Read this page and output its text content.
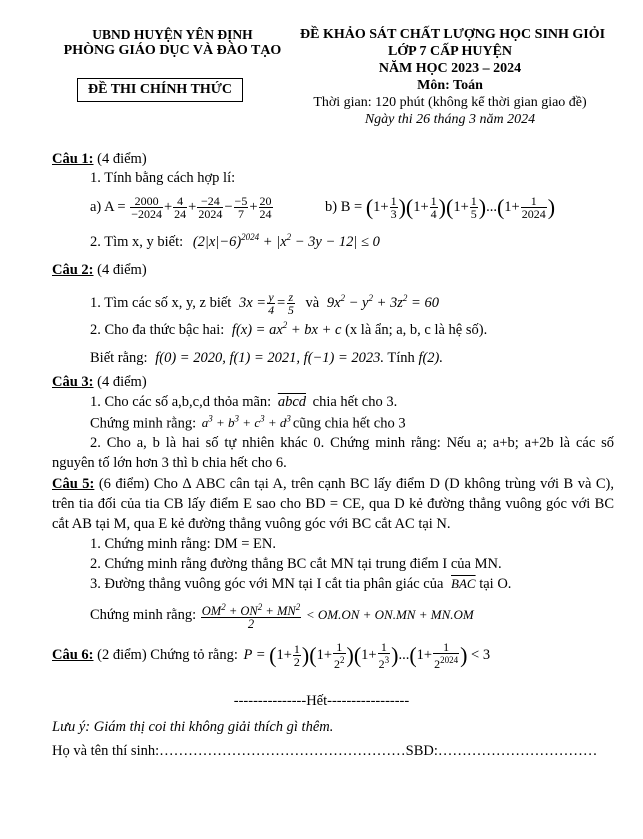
UBND HUYỆN YÊN ĐỊNH
PHÒNG GIÁO DỤC VÀ ĐÀO TẠO
ĐỀ THI CHÍNH THỨC
ĐỀ KHẢO SÁT CHẤT LƯỢNG HỌC SINH GIỎI
LỚP 7 CẤP HUYỆN
NĂM HỌC 2023 – 2024
Môn: Toán
Thời gian: 120 phút (không kể thời gian giao đề)
Ngày thi 26 tháng 3 năm 2024
Câu 1: (4 điểm)
1. Tính bằng cách hợp lí:
a) $A = \frac{2000}{-2024} + \frac{4}{24} + \frac{-24}{2024} - \frac{-5}{7} + \frac{20}{24}$	b) $B = (1+ \frac{1}{3} )(1+ \frac{1}{4} )(1+ \frac{1}{5} )...(1+ \frac{1}{2024}$ )
2. Tìm x, y biết: $(2|x|-6)^{2024} + |x^2 - 3y - 12| \le 0$
Câu 2: (4 điểm)
1. Tìm các số x, y, z biết $3x = \frac{y}{4} = \frac{z}{5}$ và $9x^2 - y^2 + 3z^2 = 60$
2. Cho đa thức bậc hai: $f(x) = ax^2$ + bx + c (x là ẩn; a, b, c là hệ số).
Biết rằng: f(0) = 2020, f(1) = 2021, f(−1) = 2023. Tính f(2).
Câu 3: (4 điểm)
1. Cho các số a,b,c,d thỏa mãn: abcd chia hết cho 3.
Chứng minh rằng: $a^3 + b^3 + c^3 + d^3$ cũng chia hết cho 3
2. Cho a, b là hai số tự nhiên khác 0. Chứng minh rằng: Nếu a; a+b; a+2b là các số nguyên tố lớn hơn 3 thì b chia hết cho 6.
Câu 5: (6 điểm) Cho Δ ABC cân tại A, trên cạnh BC lấy điểm D (D không trùng với B và C), trên tia đối của tia CB lấy điểm E sao cho BD = CE, qua D kẻ đường thẳng vuông góc với BC cắt AB tại M, qua E kẻ đường thẳng vuông góc với BC cắt AC tại N.
1. Chứng minh rằng: DM = EN.
2. Chứng minh rằng đường thẳng BC cắt MN tại trung điểm I của MN.
3. Đường thẳng vuông góc với MN tại I cắt tia phân giác của $\overline{BAC}$ tại O.
Chứng minh rằng: $\frac{OM^2 + ON^2 + MN^2}{2} < OM.ON + ON.MN + MN.OM$
Câu 6: (2 điểm) Chứng tỏ rằng: $P = (1+ \frac{1}{2} )(1+ \frac{1}{2^2} )(1+ \frac{1}{2^3} )...(1+ \frac{1}{2^{2024}}$ ) < 3
---------------Hết-----------------
Lưu ý: Giám thị coi thi không giải thích gì thêm.
Họ và tên thí sinh:……………………………………………SBD:……………………………
